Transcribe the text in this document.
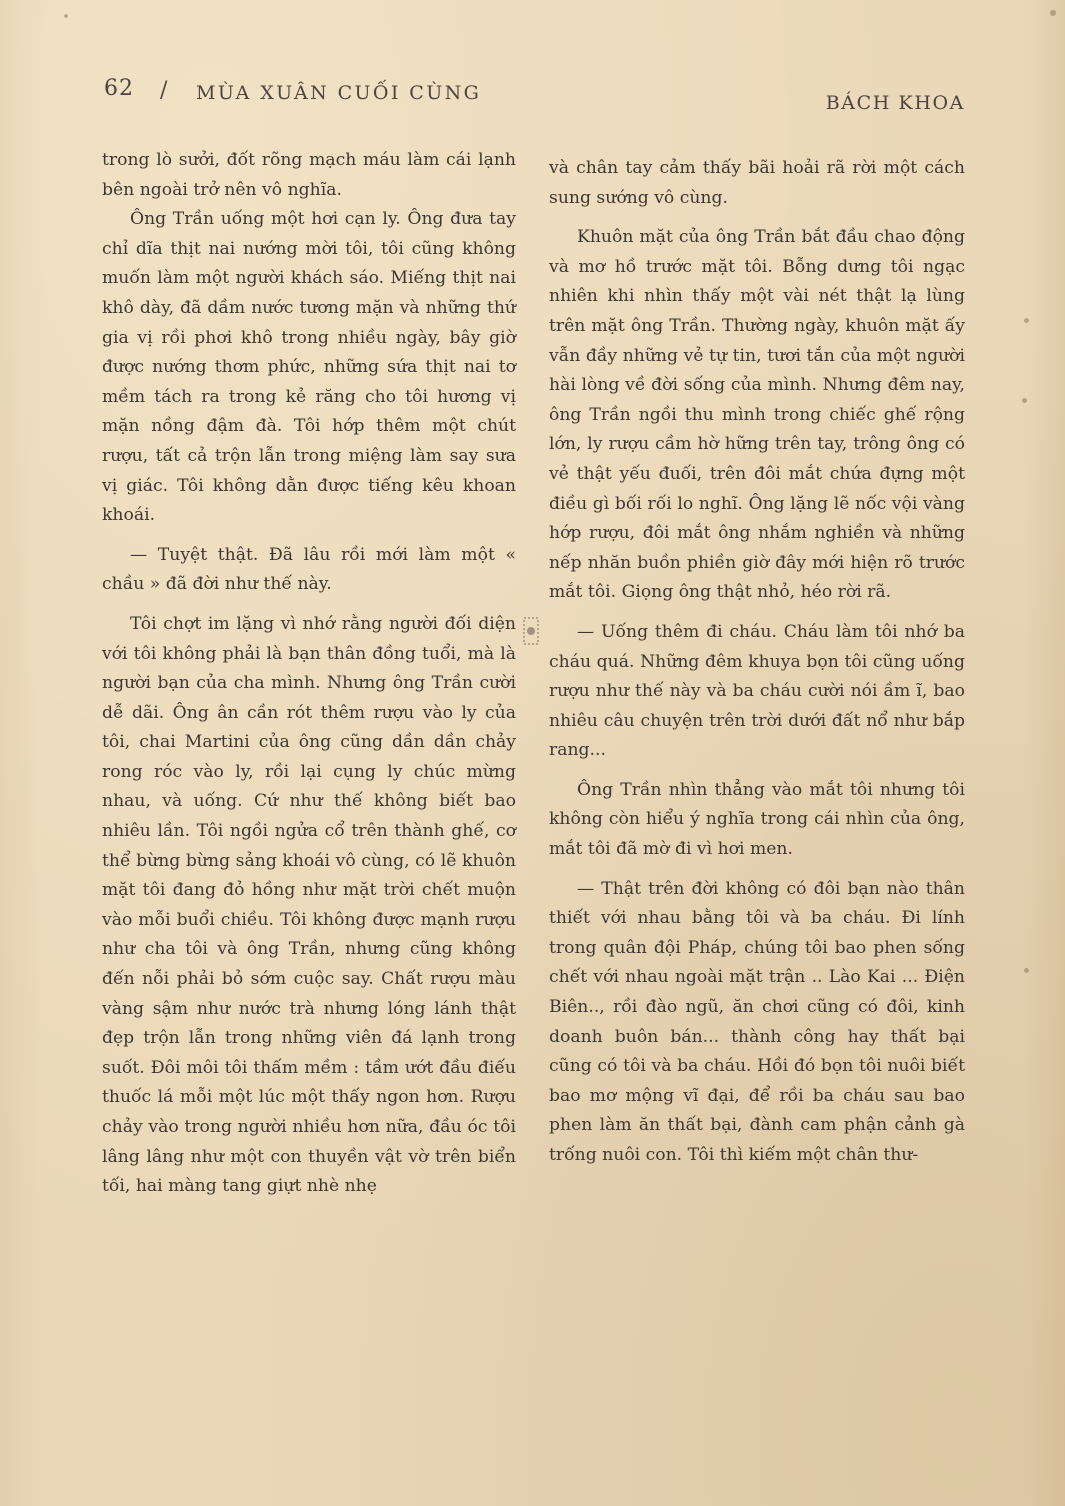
62 / MÙA XUÂN CUỐI CÙNG	BÁCH KHOA

trong lò sưởi, đốt rõng mạch máu làm cái lạnh bên ngoài trở nên vô nghĩa.

Ông Trần uống một hơi cạn ly. Ông đưa tay chỉ dĩa thịt nai nướng mời tôi, tôi cũng không muốn làm một người khách sáo. Miếng thịt nai khô dày, đã dầm nước tương mặn và những thứ gia vị rồi phơi khô trong nhiều ngày, bây giờ được nướng thơm phức, những sứa thịt nai tơ mềm tách ra trong kẻ răng cho tôi hương vị mặn nồng đậm đà. Tôi hớp thêm một chút rượu, tất cả trộn lẫn trong miệng làm say sưa vị giác. Tôi không dằn được tiếng kêu khoan khoái.

— Tuyệt thật. Đã lâu rồi mới làm một « chầu » đã đời như thế này.

Tôi chợt im lặng vì nhớ rằng người đối diện với tôi không phải là bạn thân đồng tuổi, mà là người bạn của cha mình. Nhưng ông Trần cười dễ dãi. Ông ân cần rót thêm rượu vào ly của tôi, chai Martini của ông cũng dần dần chảy rong róc vào ly, rồi lại cụng ly chúc mừng nhau, và uống. Cứ như thế không biết bao nhiêu lần. Tôi ngồi ngửa cổ trên thành ghế, cơ thể bừng bừng sảng khoái vô cùng, có lẽ khuôn mặt tôi đang đỏ hồng như mặt trời chết muộn vào mỗi buổi chiều. Tôi không được mạnh rượu như cha tôi và ông Trần, nhưng cũng không đến nỗi phải bỏ sớm cuộc say. Chất rượu màu vàng sậm như nước trà nhưng lóng lánh thật đẹp trộn lẫn trong những viên đá lạnh trong suốt. Đôi môi tôi thấm mềm : tầm ướt đầu điếu thuốc lá mỗi một lúc một thấy ngon hơn. Rượu chảy vào trong người nhiều hơn nữa, đầu óc tôi lâng lâng như một con thuyền vật vờ trên biển tối, hai màng tang giựt nhè nhẹ

và chân tay cảm thấy bãi hoải rã rời một cách sung sướng vô cùng.

Khuôn mặt của ông Trần bắt đầu chao động và mơ hồ trước mặt tôi. Bỗng dưng tôi ngạc nhiên khi nhìn thấy một vài nét thật lạ lùng trên mặt ông Trần. Thường ngày, khuôn mặt ấy vẫn đầy những vẻ tự tin, tươi tắn của một người hài lòng về đời sống của mình. Nhưng đêm nay, ông Trần ngồi thu mình trong chiếc ghế rộng lớn, ly rượu cầm hờ hững trên tay, trông ông có vẻ thật yếu đuối, trên đôi mắt chứa đựng một điều gì bối rối lo nghĩ. Ông lặng lẽ nốc vội vàng hớp rượu, đôi mắt ông nhắm nghiền và những nếp nhăn buồn phiền giờ đây mới hiện rõ trước mắt tôi. Giọng ông thật nhỏ, héo rời rã.

— Uống thêm đi cháu. Cháu làm tôi nhớ ba cháu quá. Những đêm khuya bọn tôi cũng uống rượu như thế này và ba cháu cười nói ầm ĩ, bao nhiêu câu chuyện trên trời dưới đất nổ như bắp rang...

Ông Trần nhìn thẳng vào mắt tôi nhưng tôi không còn hiểu ý nghĩa trong cái nhìn của ông, mắt tôi đã mờ đi vì hơi men.

— Thật trên đời không có đôi bạn nào thân thiết với nhau bằng tôi và ba cháu. Đi lính trong quân đội Pháp, chúng tôi bao phen sống chết với nhau ngoài mặt trận .. Lào Kai ... Điện Biên.., rồi đào ngũ, ăn chơi cũng có đôi, kinh doanh buôn bán... thành công hay thất bại cũng có tôi và ba cháu. Hồi đó bọn tôi nuôi biết bao mơ mộng vĩ đại, để rồi ba cháu sau bao phen làm ăn thất bại, đành cam phận cảnh gà trống nuôi con. Tôi thì kiếm một chân thư-
